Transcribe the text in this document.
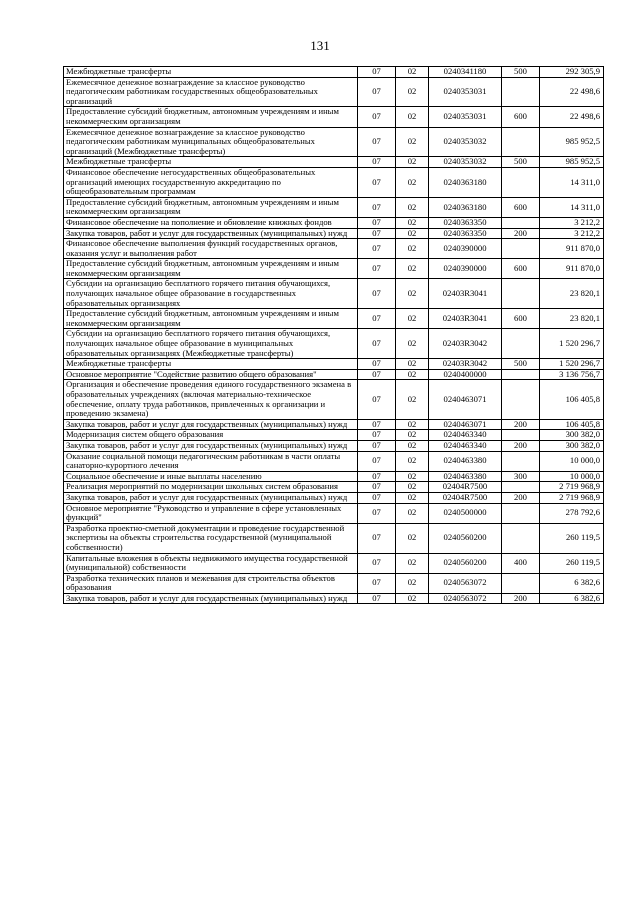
131
Межбюджетные трансферты	07	02	0240341180	500	292 305,9
Ежемесячное денежное вознаграждение за классное руководство педагогическим работникам государственных общеобразовательных организаций	07	02	0240353031		22 498,6
Предоставление субсидий бюджетным, автономным учреждениям и иным некоммерческим организациям	07	02	0240353031	600	22 498,6
Ежемесячное денежное вознаграждение за классное руководство педагогическим работникам муниципальных общеобразовательных организаций (Межбюджетные трансферты)	07	02	0240353032		985 952,5
Межбюджетные трансферты	07	02	0240353032	500	985 952,5
Финансовое обеспечение негосударственных общеобразовательных организаций имеющих государственную аккредитацию по общеобразовательным программам	07	02	0240363180		14 311,0
Предоставление субсидий бюджетным, автономным учреждениям и иным некоммерческим организациям	07	02	0240363180	600	14 311,0
Финансовое обеспечение на пополнение и обновление книжных фондов	07	02	0240363350		3 212,2
Закупка товаров, работ и услуг для государственных (муниципальных) нужд	07	02	0240363350	200	3 212,2
Финансовое обеспечение выполнения функций государственных органов, оказания услуг и выполнения работ	07	02	0240390000		911 870,0
Предоставление субсидий бюджетным, автономным учреждениям и иным некоммерческим организациям	07	02	0240390000	600	911 870,0
Субсидии на организацию бесплатного горячего питания обучающихся, получающих начальное общее образование в государственных образовательных организациях	07	02	02403R3041		23 820,1
Предоставление субсидий бюджетным, автономным учреждениям и иным некоммерческим организациям	07	02	02403R3041	600	23 820,1
Субсидии на организацию бесплатного горячего питания обучающихся, получающих начальное общее образование в муниципальных образовательных организациях (Межбюджетные трансферты)	07	02	02403R3042		1 520 296,7
Межбюджетные трансферты	07	02	02403R3042	500	1 520 296,7
Основное мероприятие "Содействие развитию общего образования"	07	02	0240400000		3 136 756,7
Организация и обеспечение проведения единого государственного экзамена в образовательных учреждениях (включая материально-техническое обеспечение, оплату труда работников, привлеченных к организации и проведению экзамена)	07	02	0240463071		106 405,8
Закупка товаров, работ и услуг для государственных (муниципальных) нужд	07	02	0240463071	200	106 405,8
Модернизация систем общего образования	07	02	0240463340		300 382,0
Закупка товаров, работ и услуг для государственных (муниципальных) нужд	07	02	0240463340	200	300 382,0
Оказание социальной помощи педагогическим работникам в части оплаты санаторно-курортного лечения	07	02	0240463380		10 000,0
Социальное обеспечение и иные выплаты населению	07	02	0240463380	300	10 000,0
Реализация мероприятий по модернизации школьных систем образования	07	02	02404R7500		2 719 968,9
Закупка товаров, работ и услуг для государственных (муниципальных) нужд	07	02	02404R7500	200	2 719 968,9
Основное мероприятие "Руководство и управление в сфере установленных функций"	07	02	0240500000		278 792,6
Разработка проектно-сметной документации и проведение государственной экспертизы на объекты строительства государственной (муниципальной собственности)	07	02	0240560200		260 119,5
Капитальные вложения в объекты недвижимого имущества государственной (муниципальной) собственности	07	02	0240560200	400	260 119,5
Разработка технических планов и межевания для строительства объектов образования	07	02	0240563072		6 382,6
Закупка товаров, работ и услуг для государственных (муниципальных) нужд	07	02	0240563072	200	6 382,6
